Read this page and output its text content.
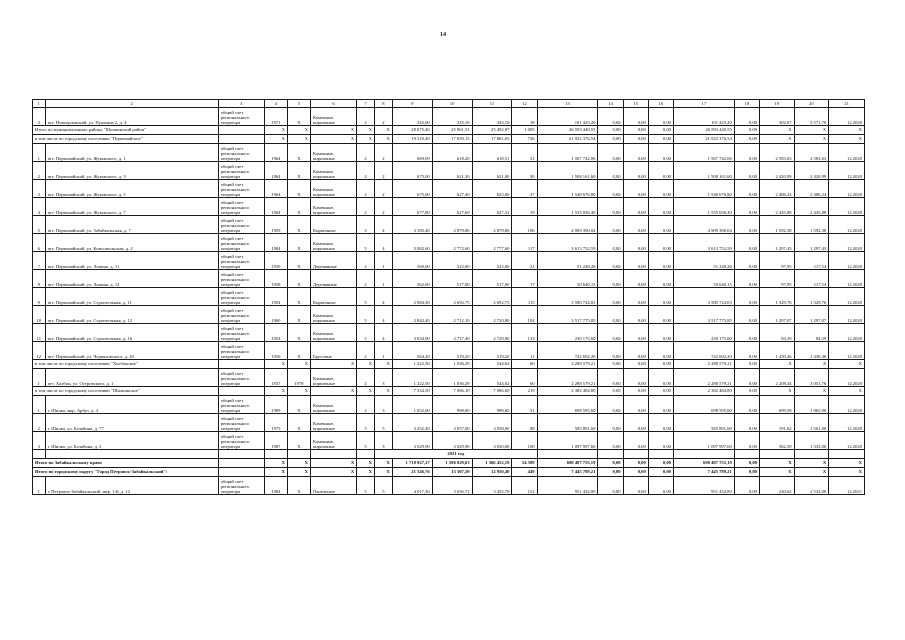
14
1	2	3	4	5	6	7	8	9	10	11	12	13	14	15	16	17	18	19	20	21
3	пгт. Новоорловский, ул. Пушкина 2, д. 4	общий счет регионального оператора	1971	Х	Каменные, кирпичные	2	2	342,00	335,10	343,10	18	101 425,20	0,00	0,00	0,00	101 425,20	0,00	302,67	3 571,70	12.2020
Итого по муниципальному району "Шилкинский район"			Х	Х	Х	Х	Х	28 075,40	25 961,51	25 492,87	1 005	26 593 440,55	0,00	0,00	0,00	26 593 440,55	0,00	Х	Х	Х
в том числе по городскому поселению "Первомайское"			Х	Х	Х	Х	Х	19 510,40	17 839,15	17 861,65	726	21 922 376,54	0,00	0,00	0,00	21 922 376,54	0,00	Х	Х	Х
1	пгт. Первомайский, ул. Жуковского, д. 1	общий счет регионального оператора	1964	Х	Каменные, кирпичные	2	2	669,09	618,20	618,51	21	1 567 742,06	0,00	0,00	0,00	1 567 742,06	0,00	2 583,63	2 583,63	12.2020
2	пгт. Первомайский, ул. Жуковского, д. 3	общий счет регионального оператора	1964	Х	Каменные, кирпичные	2	2	675,00	621,30	621,00	30	1 508 161,60	0,00	0,00	0,00	1 508 161,60	0,00	2 420,99	2 420,99	12.2020
3	пгт. Первомайский, ул. Жуковского, д. 5	общий счет регионального оператора	1964	Х	Каменные, кирпичные	2	2	675,00	627,40	625,00	27	1 548 676,80	0,00	0,00	0,00	1 548 676,80	0,00	2 486,24	2 486,24	12.2020
4	пгт. Первомайский, ул. Жуковского, д. 7	общий счет регионального оператора	1964	Х	Каменные, кирпичные	2	2	677,80	627,60	627,31	19	1 535 036,40	0,00	0,00	0,00	1 535 036,40	0,00	2 445,88	2 445,88	12.2020
5	пгт. Первомайский, ул. Забайкальская, д. 7	общий счет регионального оператора	1959	Х	Кирпичные	3	4	3 185,40	2 879,80	2 879,80	106	4 909 390,04	0,00	0,00	0,00	4 909 390,04	0,00	1 592,38	1 592,38	12.2020
6	пгт. Первомайский, ул. Комсомольская, д. 2	общий счет регионального оператора	1984	Х	Каменные, кирпичные	5	4	3 082,60	2 772,60	2 777,60	117	3 613 752,59	0,00	0,00	0,00	3 613 752,59	0,00	1 297,43	1 297,43	12.2020
7	пгт. Первомайский, ул. Ленина, д. 11	общий счет регионального оператора	1939	Х	Деревянные	2	1	560,00	522,00	522,00	21	51 248,26	0,00	0,00	0,00	51 248,26	0,00	97,95	117,54	12.2020
8	пгт. Первомайский, ул. Ленина, д. 12	общий счет регионального оператора	1958	Х	Деревянные	2	1	562,60	517,00	517,00	17	50 640,15	0,00	0,00	0,00	50 640,15	0,00	97,95	117,54	12.2020
9	пгт. Первомайский, ул. Строительная, д. 11	общий счет регионального оператора	1954	Х	Кирпичные	5	4	2 984,30	2 692,75	2 692,75	115	3 580 724,03	0,00	0,00	0,00	3 580 724,03	0,00	1 329,76	1 329,76	12.2020
10	пгт. Первомайский, ул. Строительная, д. 12	общий счет регионального оператора	1960	Х	Каменные, кирпичные	5	4	2 842,40	2 712,10	2 720,80	104	3 517 775,85	0,00	0,00	0,00	3 517 775,85	0,00	1 297,07	1 297,07	12.2020
11	пгт. Первомайский, ул. Строительная, д. 16	общий счет регионального оператора	1954	Х	Каменные, кирпичные	5	4	3 034,90	2 727,40	2 729,90	133	230 175,60	0,00	0,00	0,00	230 175,60	0,00	84,39	84,39	12.2020
12	пгт. Первомайский, ул. Черняховского, д. 20	общий счет регионального оператора	1956	Х	Брусовые	2	1	564,20	519,20	519,20	11	742 692,20	0,00	0,00	0,00	742 692,20	0,00	1 430,46	1 430,46	12.2020
в том числе по городскому поселению "Холбонское"			Х	Х	Х	Х	Х	1 222,50	1 036,29	544,62	60	2 288 579,21	0,00	0,00	0,00	2 288 579,21	0,00	Х	Х	Х
1	пгт. Холбон, ул. Островского, д. 1	общий счет регионального оператора	1937	1978	Каменные, кирпичные	2	3	1 222,50	1 036,29	544,62	60	2 288 579,21	0,00	0,00	0,00	2 288 579,21	0,00	2 208,44	3 051,76	12.2020
в том числе по городскому поселению "Шилкинское"			Х	Х	Х	Х	Х	7 334,50	7 086,10	7 086,60	219	2 382 484,80	0,00	0,00	0,00	2 382 484,80	0,00	Х	Х	Х
1	г. Шилка, мкр. Арбуз, д. 4	общий счет регионального оператора	1989	Х	Каменные, кирпичные	2	3	1 052,00	998,00	998,60	31	698 595,60	0,00	0,00	0,00	698 595,60	0,00	699,58	1 865,00	12.2020
2	г. Шилка, ул. Балябина, д. 77	общий счет регионального оператора	1975	Х	Каменные, кирпичные	5	5	3 252,40	3 057,00	3 058,00	88	585 891,60	0,00	0,00	0,00	585 891,60	0,00	191,62	1 561,00	12.2020
3	г. Шилка, ул. Балябина, д. 2	общий счет регионального оператора	1987	Х	Каменные, кирпичные	5	3	3 029,90	3 029,90	3 030,00	100	1 097 997,60	0,00	0,00	0,00	1 097 997,60	0,00	362,39	1 333,00	12.2020
							2021 год													
Итого по Забайкальскому краю:			Х	Х	Х	Х	Х	1 718 927,27	1 596 029,63	1 366 452,18	54 589	690 407 755,19	0,00	0,00	0,00	690 407 755,19	0,00	Х	Х	Х
Итого по городскому округу "Город Петровск-Забайкальский":			Х	Х	Х	Х	Х	21 546,76	13 307,29	12 950,40	449	7 445 789,21	0,00	0,00	0,00	7 445 789,21	0,00	Х	Х	Х
1	г. Петровск-Забайкальский, мкр. 1-й, д. 12	общий счет регионального оператора	1984	Х	Панельные	5	5	4 017,30	3 636,72	3 455,70	152	951 434,80	0,00	0,00	0,00	951 434,80	0,00	240,62	2 533,00	12.2021
